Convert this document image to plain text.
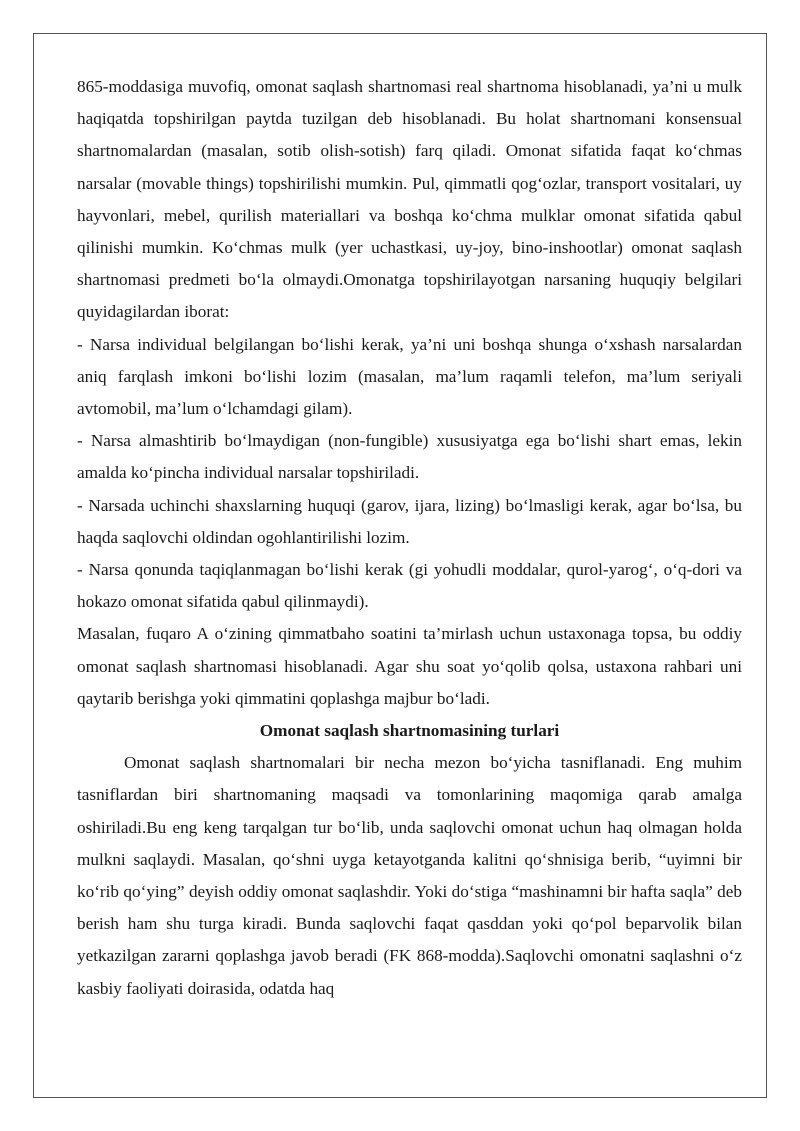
865-moddasiga muvofiq, omonat saqlash shartnomasi real shartnoma hisoblanadi, ya’ni u mulk haqiqatda topshirilgan paytda tuzilgan deb hisoblanadi. Bu holat shartnomani konsensual shartnomalardan (masalan, sotib olish-sotish) farq qiladi. Omonat sifatida faqat ko‘chmas narsalar (movable things) topshirilishi mumkin. Pul, qimmatli qog‘ozlar, transport vositalari, uy hayvonlari, mebel, qurilish materiallari va boshqa ko‘chma mulklar omonat sifatida qabul qilinishi mumkin. Ko‘chmas mulk (yer uchastkasi, uy-joy, bino-inshootlar) omonat saqlash shartnomasi predmeti bo‘la olmaydi.Omonatga topshirilayotgan narsaning huquqiy belgilari quyidagilardan iborat:

- Narsa individual belgilangan bo‘lishi kerak, ya’ni uni boshqa shunga o‘xshash narsalardan aniq farqlash imkoni bo‘lishi lozim (masalan, ma’lum raqamli telefon, ma’lum seriyali avtomobil, ma’lum o‘lchamdagi gilam).

- Narsa almashtirib bo‘lmaydigan (non-fungible) xususiyatga ega bo‘lishi shart emas, lekin amalda ko‘pincha individual narsalar topshiriladi.

- Narsada uchinchi shaxslarning huquqi (garov, ijara, lizing) bo‘lmasligi kerak, agar bo‘lsa, bu haqda saqlovchi oldindan ogohlantirilishi lozim.

- Narsa qonunda taqiqlanmagan bo‘lishi kerak (gi yohudli moddalar, qurol-yarog‘, o‘q-dori va hokazo omonat sifatida qabul qilinmaydi).

Masalan, fuqaro A o‘zining qimmatbaho soatini ta’mirlash uchun ustaxonaga topsa, bu oddiy omonat saqlash shartnomasi hisoblanadi. Agar shu soat yo‘qolib qolsa, ustaxona rahbari uni qaytarib berishga yoki qimmatini qoplashga majbur bo‘ladi.

Omonat saqlash shartnomasining turlari

Omonat saqlash shartnomalari bir necha mezon bo‘yicha tasniflanadi. Eng muhim tasniflardan biri shartnomaning maqsadi va tomonlarining maqomiga qarab amalga oshiriladi.Bu eng keng tarqalgan tur bo‘lib, unda saqlovchi omonat uchun haq olmagan holda mulkni saqlaydi. Masalan, qo‘shni uyga ketayotganda kalitni qo‘shnisiga berib, “uyimni bir ko‘rib qo‘ying” deyish oddiy omonat saqlashdir. Yoki do‘stiga “mashinamni bir hafta saqla” deb berish ham shu turga kiradi. Bunda saqlovchi faqat qasddan yoki qo‘pol beparvolik bilan yetkazilgan zararni qoplashga javob beradi (FK 868-modda).Saqlovchi omonatni saqlashni o‘z kasbiy faoliyati doirasida, odatda haq
